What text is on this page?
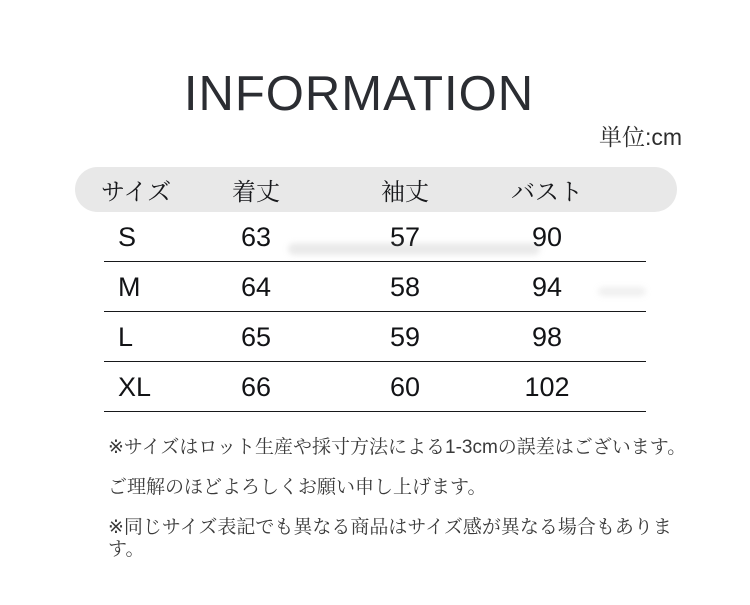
INFORMATION
単位:cm
サイズ	着丈	袖丈	バスト
S	63	57	90
M	64	58	94
L	65	59	98
XL	66	60	102

※サイズはロット生産や採寸方法による1-3cmの誤差はございます。

ご理解のほどよろしくお願い申し上げます。

※同じサイズ表記でも異なる商品はサイズ感が異なる場合もあります。
